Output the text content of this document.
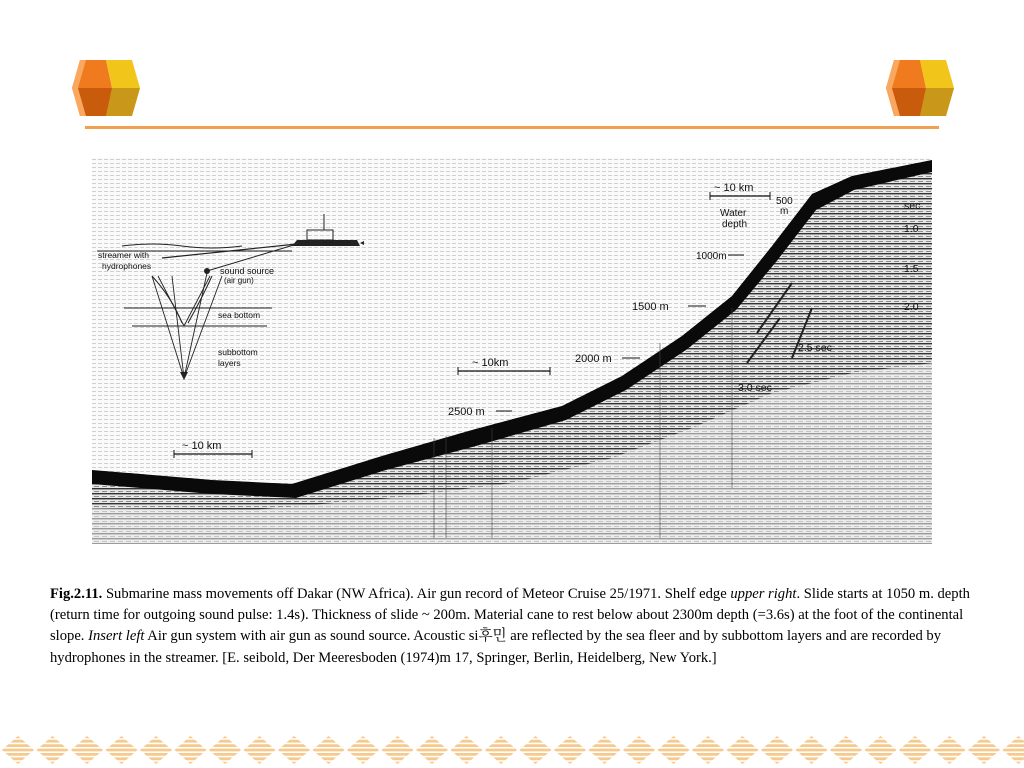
streamer with
hydrophones	sound source
(air gun)
sea bottom
subbottom
layers
~ 10 km
~ 10km
~ 10 km
500
m
Water
depth
1000m
1500 m
2000 m
2500 m
sec
1.0
1.5
2.0
2.5 sec
3.0 sec
Fig.2.11. Submarine mass movements off Dakar (NW Africa). Air gun record of Meteor Cruise 25/1971. Shelf edge upper right. Slide starts at 1050 m. depth (return time for outgoing sound pulse: 1.4s). Thickness of slide ~ 200m. Material cane to rest below about 2300m depth (=3.6s) at the foot of the continental slope. Insert left Air gun system with air gun as sound source. Acoustic si후민 are reflected by the sea fleer and by subbottom layers and are recorded by hydrophones in the streamer. [E. seibold, Der Meeresboden (1974)m 17, Springer, Berlin, Heidelberg, New York.]
